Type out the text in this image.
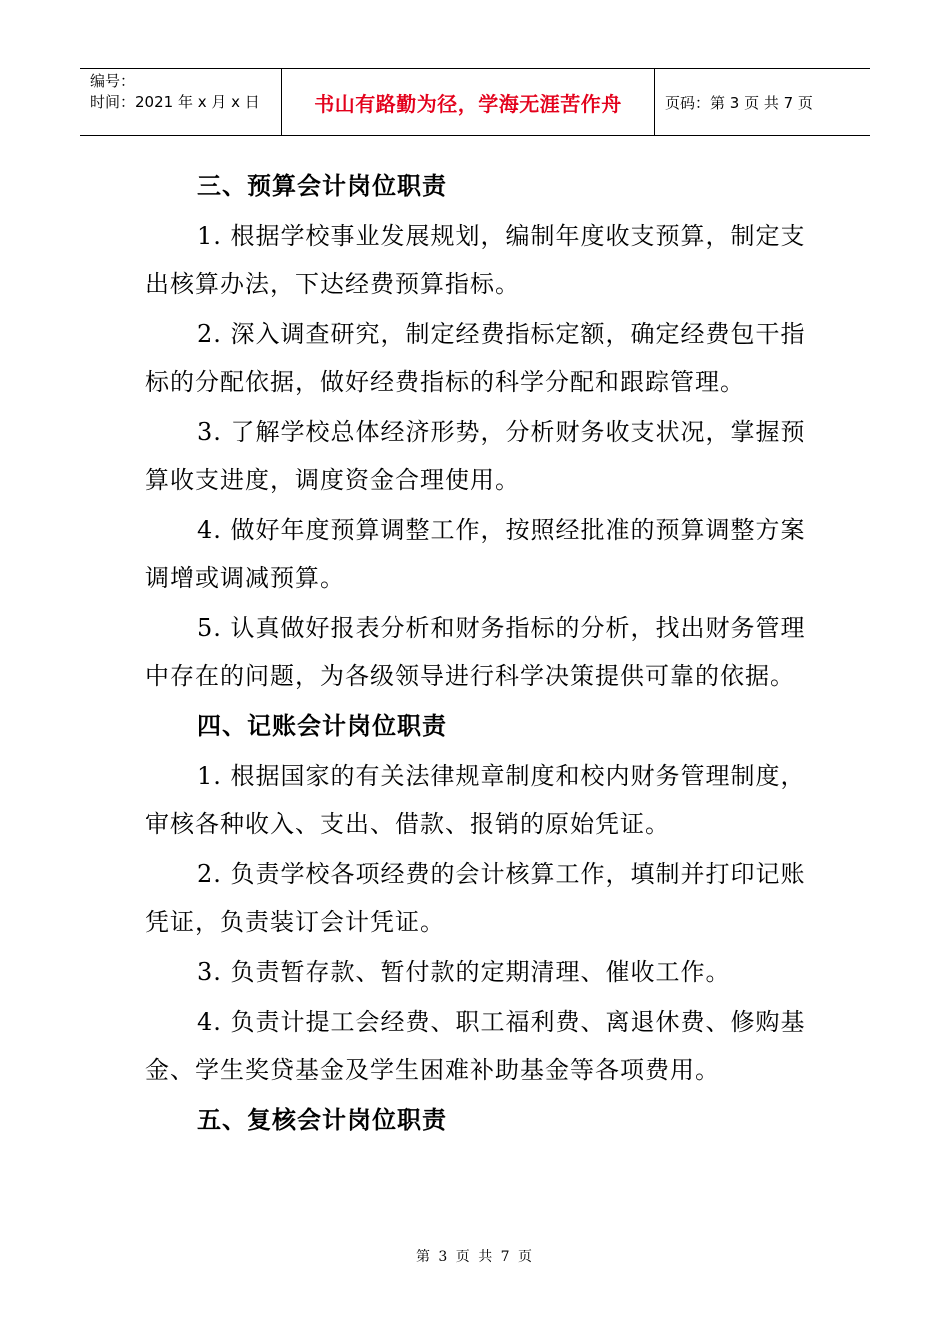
编号：
时间：2021 年 x 月 x 日	书山有路勤为径，学海无涯苦作舟	页码：第 3 页 共 7 页
三、预算会计岗位职责

1. 根据学校事业发展规划，编制年度收支预算，制定支出核算办法，下达经费预算指标。

2. 深入调查研究，制定经费指标定额，确定经费包干指标的分配依据，做好经费指标的科学分配和跟踪管理。

3. 了解学校总体经济形势，分析财务收支状况，掌握预算收支进度，调度资金合理使用。

4. 做好年度预算调整工作，按照经批准的预算调整方案调增或调减预算。

5. 认真做好报表分析和财务指标的分析，找出财务管理中存在的问题，为各级领导进行科学决策提供可靠的依据。

四、记账会计岗位职责

1. 根据国家的有关法律规章制度和校内财务管理制度，审核各种收入、支出、借款、报销的原始凭证。

2. 负责学校各项经费的会计核算工作，填制并打印记账凭证，负责装订会计凭证。

3. 负责暂存款、暂付款的定期清理、催收工作。

4. 负责计提工会经费、职工福利费、离退休费、修购基金、学生奖贷基金及学生困难补助基金等各项费用。

五、复核会计岗位职责
第 3 页 共 7 页
